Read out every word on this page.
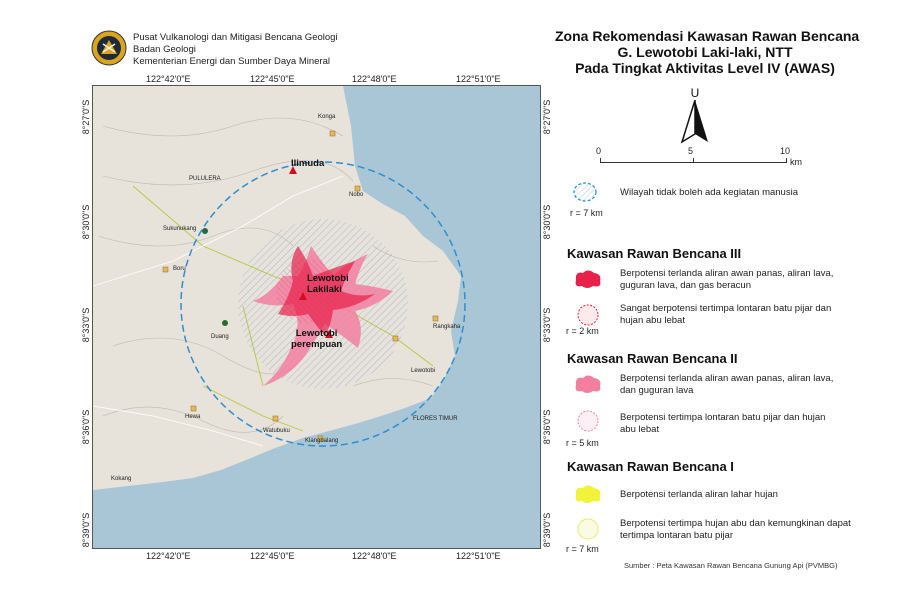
Pusat Vulkanologi dan Mitigasi Bencana Geologi
Badan Geologi
Kementerian Energi dan Sumber Daya Mineral
Zona Rekomendasi Kawasan Rawan Bencana
G. Lewotobi Laki-laki, NTT
Pada Tingkat Aktivitas Level IV (AWAS)
122°42'0"E	122°45'0"E	122°48'0"E	122°51'0"E
122°42'0"E	122°45'0"E	122°48'0"E	122°51'0"E
8°27'0"S
8°30'0"S
8°33'0"S
8°36'0"S
8°39'0"S
8°27'0"S
8°30'0"S
8°33'0"S
8°36'0"S
8°39'0"S
Ilimuda
Lewotobi
Lakilaki
Lewotobi
perempuan
Konga
Nobo
Boru
Duang
Hewa
Kokang
Watubuku
Klangbalang
Lewotobi
Rangkaha
PULULERA
Sukunukang
FLORES TIMUR
U
0	5	10
km
Wilayah tidak boleh ada kegiatan manusia
r = 7 km
Kawasan Rawan Bencana III
Berpotensi terlanda aliran awan panas, aliran lava, guguran lava, dan gas beracun
Sangat berpotensi tertimpa lontaran batu pijar dan hujan abu lebat
r = 2 km
Kawasan Rawan Bencana II
Berpotensi terlanda aliran awan panas, aliran lava, dan guguran lava
Berpotensi tertimpa lontaran batu pijar dan hujan abu lebat
r = 5 km
Kawasan Rawan Bencana I
Berpotensi terlanda aliran lahar hujan
Berpotensi tertimpa hujan abu dan kemungkinan dapat tertimpa lontaran batu pijar
r = 7 km
Sumber : Peta Kawasan Rawan Bencana Gunung Api (PVMBG)
